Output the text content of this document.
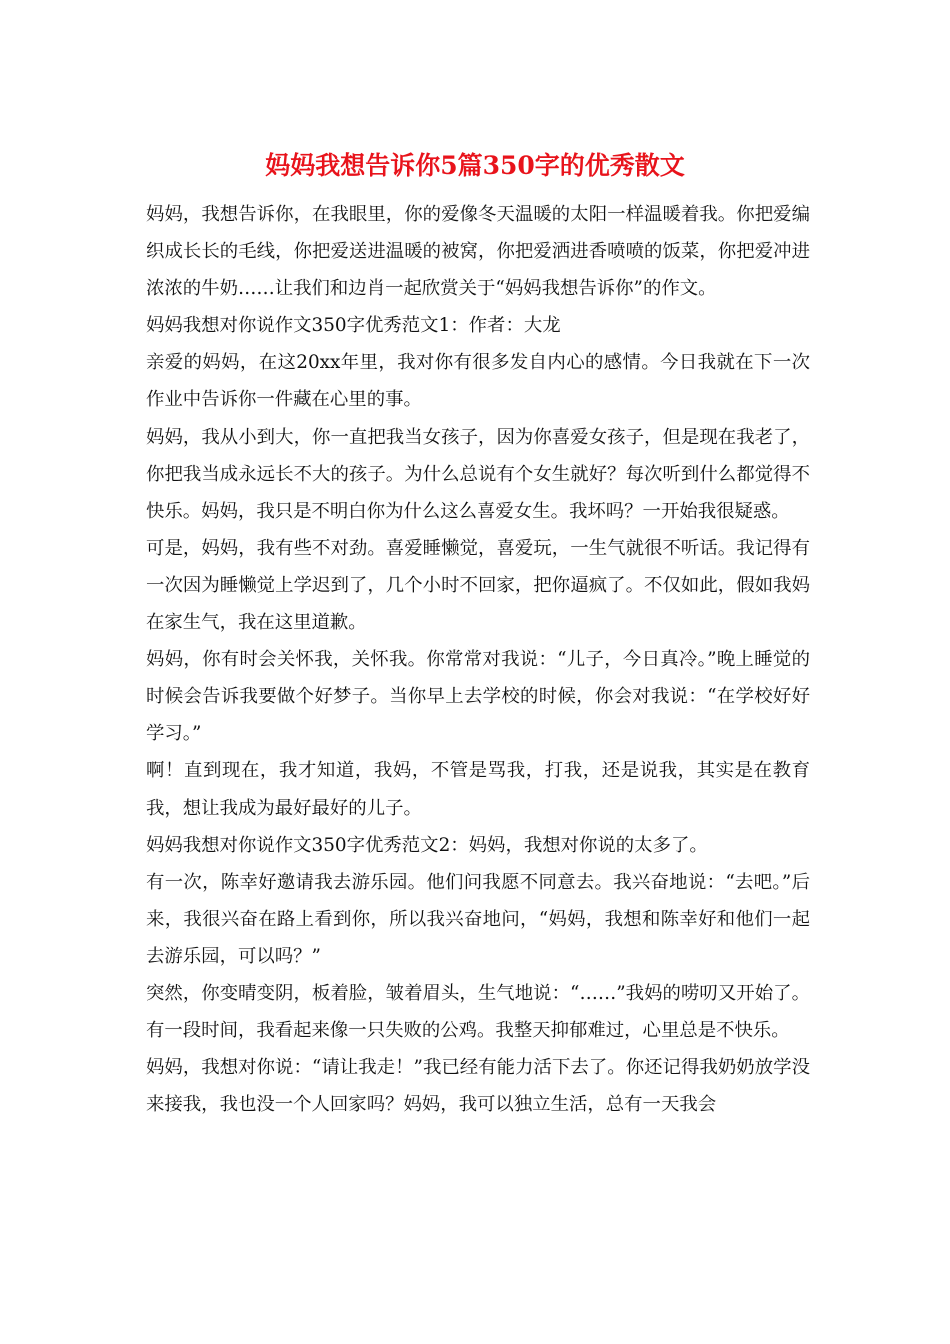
妈妈我想告诉你5篇350字的优秀散文

妈妈，我想告诉你，在我眼里，你的爱像冬天温暖的太阳一样温暖着我。你把爱编织成长长的毛线，你把爱送进温暖的被窝，你把爱洒进香喷喷的饭菜，你把爱冲进浓浓的牛奶……让我们和边肖一起欣赏关于“妈妈我想告诉你”的作文。

妈妈我想对你说作文350字优秀范文1：作者：大龙

亲爱的妈妈，在这20xx年里，我对你有很多发自内心的感情。今日我就在下一次作业中告诉你一件藏在心里的事。

妈妈，我从小到大，你一直把我当女孩子，因为你喜爱女孩子，但是现在我老了，你把我当成永远长不大的孩子。为什么总说有个女生就好？每次听到什么都觉得不快乐。妈妈，我只是不明白你为什么这么喜爱女生。我坏吗？一开始我很疑惑。

可是，妈妈，我有些不对劲。喜爱睡懒觉，喜爱玩，一生气就很不听话。我记得有一次因为睡懒觉上学迟到了，几个小时不回家，把你逼疯了。不仅如此，假如我妈在家生气，我在这里道歉。

妈妈，你有时会关怀我，关怀我。你常常对我说：“儿子，今日真冷。”晚上睡觉的时候会告诉我要做个好梦子。当你早上去学校的时候，你会对我说：“在学校好好学习。”

啊！直到现在，我才知道，我妈，不管是骂我，打我，还是说我，其实是在教育我，想让我成为最好最好的儿子。

妈妈我想对你说作文350字优秀范文2：妈妈，我想对你说的太多了。

有一次，陈幸好邀请我去游乐园。他们问我愿不同意去。我兴奋地说：“去吧。”后来，我很兴奋在路上看到你，所以我兴奋地问，“妈妈，我想和陈幸好和他们一起去游乐园，可以吗？”

突然，你变晴变阴，板着脸，皱着眉头，生气地说：“……”我妈的唠叨又开始了。有一段时间，我看起来像一只失败的公鸡。我整天抑郁难过，心里总是不快乐。

妈妈，我想对你说：“请让我走！”我已经有能力活下去了。你还记得我奶奶放学没来接我，我也没一个人回家吗？妈妈，我可以独立生活，总有一天我会
